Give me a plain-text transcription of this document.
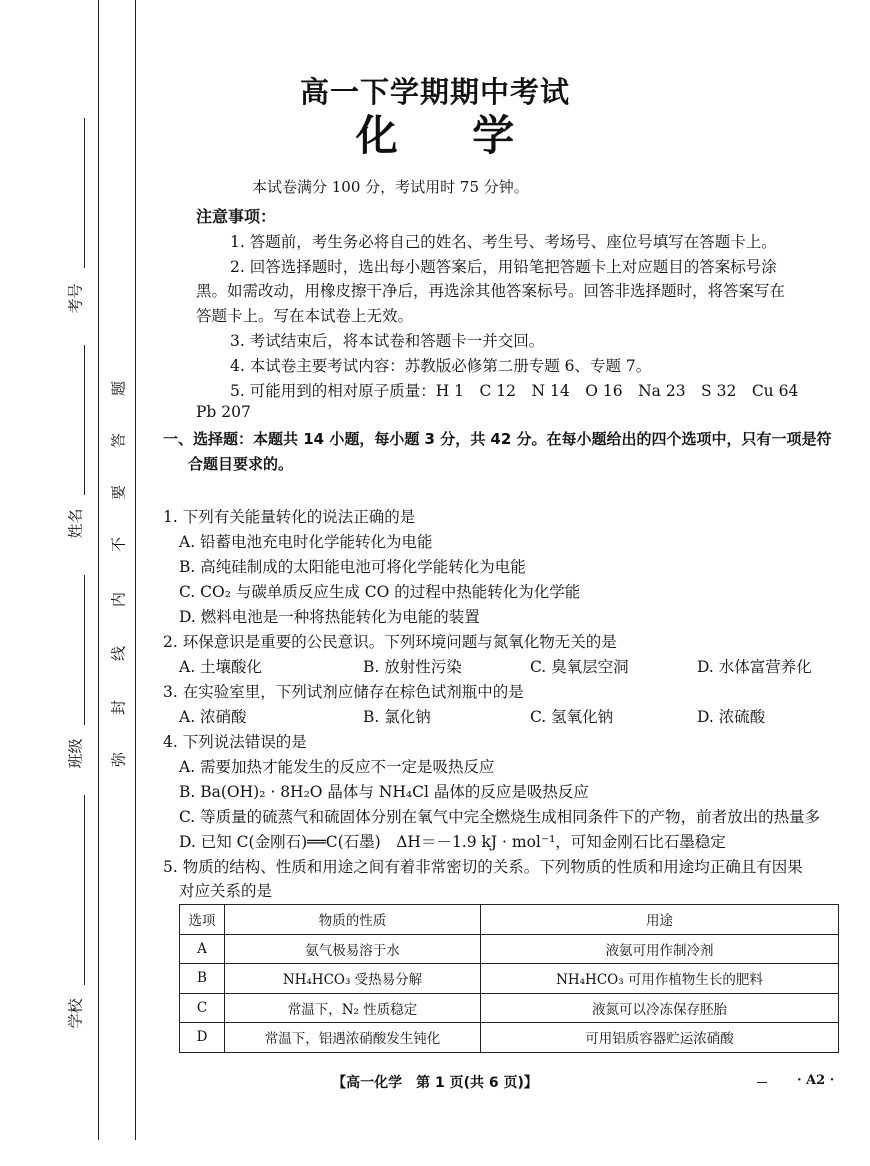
考号
姓名
班级
学校
题
答
要
不
内
线
封
弥
高一下学期期中考试
化 学
本试卷满分 100 分，考试用时 75 分钟。
注意事项：
1. 答题前，考生务必将自己的姓名、考生号、考场号、座位号填写在答题卡上。
2. 回答选择题时，选出每小题答案后，用铅笔把答题卡上对应题目的答案标号涂
黑。如需改动，用橡皮擦干净后，再选涂其他答案标号。回答非选择题时，将答案写在
答题卡上。写在本试卷上无效。
3. 考试结束后，将本试卷和答题卡一并交回。
4. 本试卷主要考试内容：苏教版必修第二册专题 6、专题 7。
5. 可能用到的相对原子质量：H 1　C 12　N 14　O 16　Na 23　S 32　Cu 64
Pb 207
一、选择题：本题共 14 小题，每小题 3 分，共 42 分。在每小题给出的四个选项中，只有一项是符
合题目要求的。
1. 下列有关能量转化的说法正确的是
A. 铅蓄电池充电时化学能转化为电能
B. 高纯硅制成的太阳能电池可将化学能转化为电能
C. CO₂ 与碳单质反应生成 CO 的过程中热能转化为化学能
D. 燃料电池是一种将热能转化为电能的装置
2. 环保意识是重要的公民意识。下列环境问题与氮氧化物无关的是
A. 土壤酸化	B. 放射性污染	C. 臭氧层空洞	D. 水体富营养化
3. 在实验室里，下列试剂应储存在棕色试剂瓶中的是
A. 浓硝酸	B. 氯化钠	C. 氢氧化钠	D. 浓硫酸
4. 下列说法错误的是
A. 需要加热才能发生的反应不一定是吸热反应
B. Ba(OH)₂ · 8H₂O 晶体与 NH₄Cl 晶体的反应是吸热反应
C. 等质量的硫蒸气和硫固体分别在氧气中完全燃烧生成相同条件下的产物，前者放出的热量多
D. 已知 C(金刚石)══C(石墨)　ΔH＝－1.9 kJ · mol⁻¹，可知金刚石比石墨稳定
5. 物质的结构、性质和用途之间有着非常密切的关系。下列物质的性质和用途均正确且有因果
对应关系的是
选项	物质的性质	用途
A	氨气极易溶于水	液氨可用作制冷剂
B	NH₄HCO₃ 受热易分解	NH₄HCO₃ 可用作植物生长的肥料
C	常温下，N₂ 性质稳定	液氮可以冷冻保存胚胎
D	常温下，铝遇浓硝酸发生钝化	可用铝质容器贮运浓硝酸
【高一化学　第 1 页(共 6 页)】	· A2 ·
